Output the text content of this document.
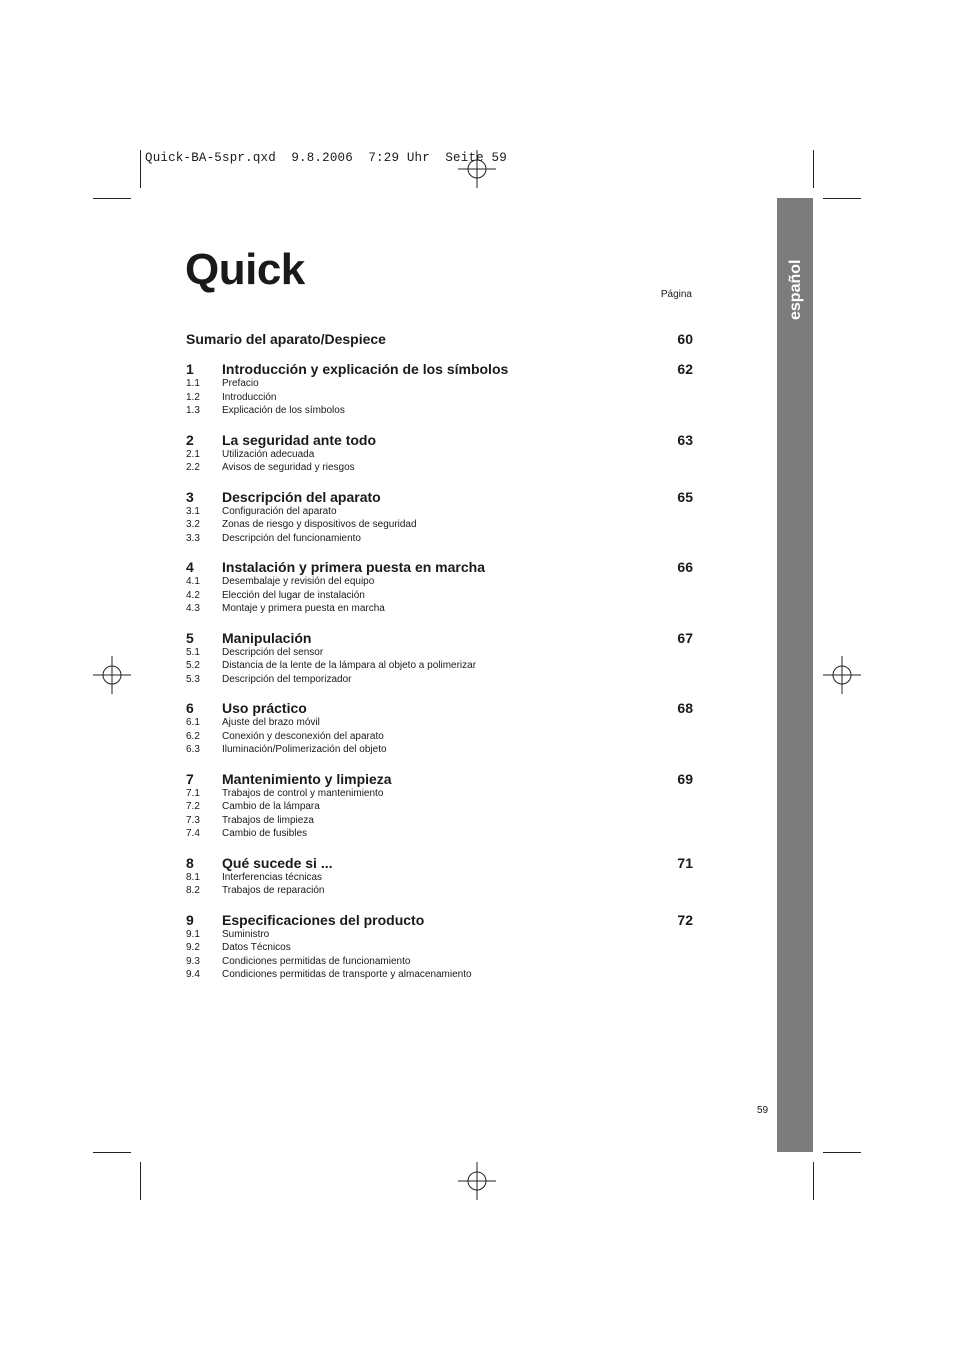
Quick-BA-5spr.qxd  9.8.2006  7:29 Uhr  Seite 59
español
Quick
Página
Sumario del aparato/Despiece	60
1	Introducción y explicación de los símbolos	62
1.1	Prefacio
1.2	Introducción
1.3	Explicación de los símbolos
2	La seguridad ante todo	63
2.1	Utilización adecuada
2.2	Avisos de seguridad y riesgos
3	Descripción del aparato	65
3.1	Configuración del aparato
3.2	Zonas de riesgo y dispositivos de seguridad
3.3	Descripción del funcionamiento
4	Instalación y primera puesta en marcha	66
4.1	Desembalaje y revisión del equipo
4.2	Elección del lugar de instalación
4.3	Montaje y primera puesta en marcha
5	Manipulación	67
5.1	Descripción del sensor
5.2	Distancia de la lente de la lámpara al objeto a polimerizar
5.3	Descripción del temporizador
6	Uso práctico	68
6.1	Ajuste del brazo móvil
6.2	Conexión y desconexión del aparato
6.3	Iluminación/Polimerización del objeto
7	Mantenimiento y limpieza	69
7.1	Trabajos de control y mantenimiento
7.2	Cambio de la lámpara
7.3	Trabajos de limpieza
7.4	Cambio de fusibles
8	Qué sucede si ...	71
8.1	Interferencias técnicas
8.2	Trabajos de reparación
9	Especificaciones del producto	72
9.1	Suministro
9.2	Datos Técnicos
9.3	Condiciones permitidas de funcionamiento
9.4	Condiciones permitidas de transporte y almacenamiento
59
